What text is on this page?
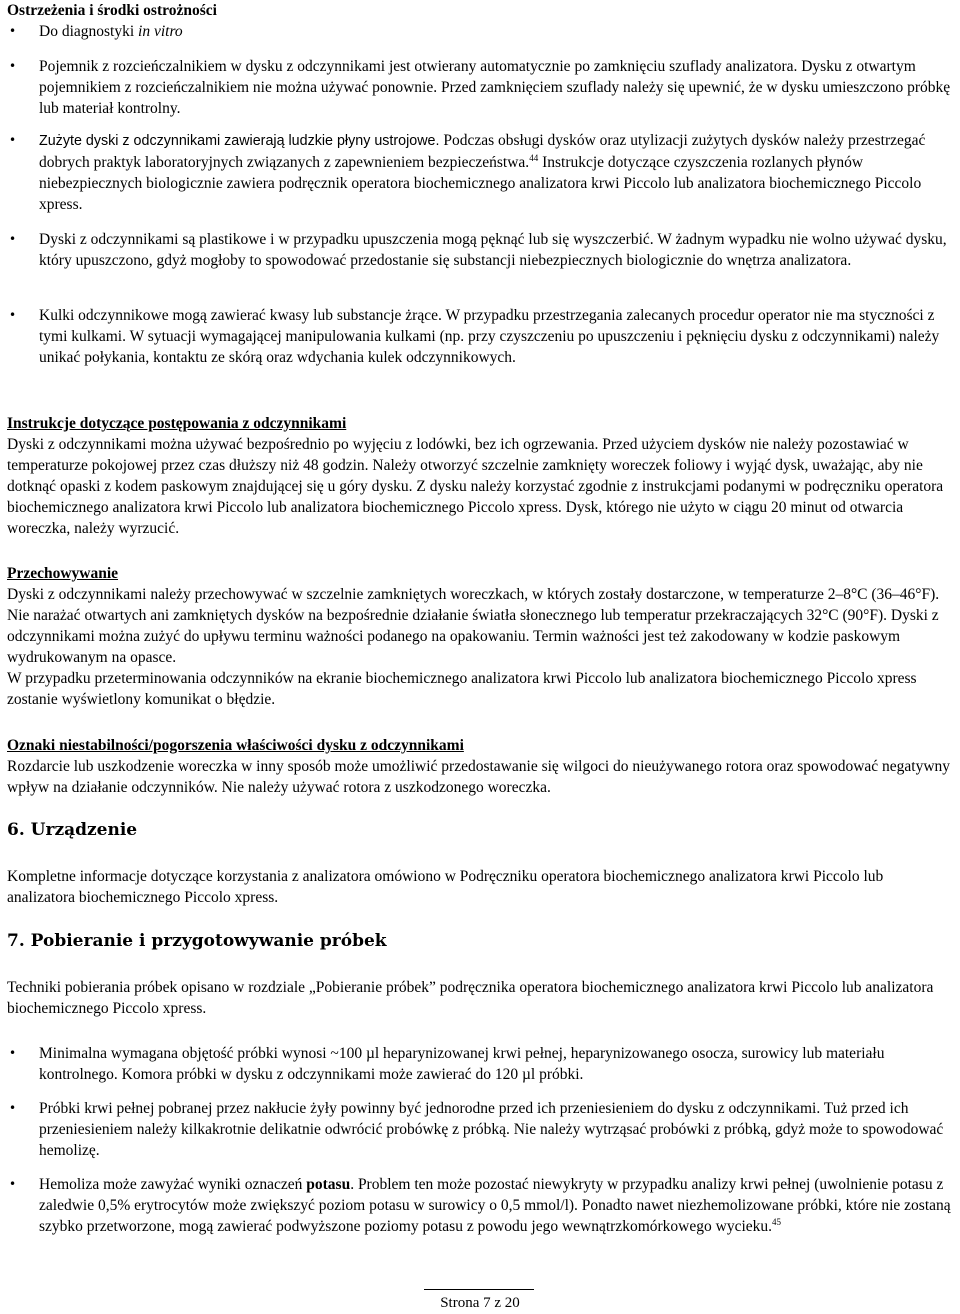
Ostrzeżenia i środki ostrożności

• Do diagnostyki in vitro
• Pojemnik z rozcieńczalnikiem w dysku z odczynnikami jest otwierany automatycznie po zamknięciu szuflady analizatora. Dysku z otwartym pojemnikiem z rozcieńczalnikiem nie można używać ponownie. Przed zamknięciem szuflady należy się upewnić, że w dysku umieszczono próbkę lub materiał kontrolny.
• Zużyte dyski z odczynnikami zawierają ludzkie płyny ustrojowe. Podczas obsługi dysków oraz utylizacji zużytych dysków należy przestrzegać dobrych praktyk laboratoryjnych związanych z zapewnieniem bezpieczeństwa.$^{44}$ Instrukcje dotyczące czyszczenia rozlanych płynów niebezpiecznych biologicznie zawiera podręcznik operatora biochemicznego analizatora krwi Piccolo lub analizatora biochemicznego Piccolo xpress.
• Dyski z odczynnikami są plastikowe i w przypadku upuszczenia mogą pęknąć lub się wyszczerbić. W żadnym wypadku nie wolno używać dysku, który upuszczono, gdyż mogłoby to spowodować przedostanie się substancji niebezpiecznych biologicznie do wnętrza analizatora.
• Kulki odczynnikowe mogą zawierać kwasy lub substancje żrące. W przypadku przestrzegania zalecanych procedur operator nie ma styczności z tymi kulkami. W sytuacji wymagającej manipulowania kulkami (np. przy czyszczeniu po upuszczeniu i pęknięciu dysku z odczynnikami) należy unikać połykania, kontaktu ze skórą oraz wdychania kulek odczynnikowych.

Instrukcje dotyczące postępowania z odczynnikami

Dyski z odczynnikami można używać bezpośrednio po wyjęciu z lodówki, bez ich ogrzewania. Przed użyciem dysków nie należy pozostawiać w temperaturze pokojowej przez czas dłuższy niż 48 godzin. Należy otworzyć szczelnie zamknięty woreczek foliowy i wyjąć dysk, uważając, aby nie dotknąć opaski z kodem paskowym znajdującej się u góry dysku. Z dysku należy korzystać zgodnie z instrukcjami podanymi w podręczniku operatora biochemicznego analizatora krwi Piccolo lub analizatora biochemicznego Piccolo xpress. Dysk, którego nie użyto w ciągu 20 minut od otwarcia woreczka, należy wyrzucić.

Przechowywanie

Dyski z odczynnikami należy przechowywać w szczelnie zamkniętych woreczkach, w których zostały dostarczone, w temperaturze 2–8°C (36–46°F). Nie narażać otwartych ani zamkniętych dysków na bezpośrednie działanie światła słonecznego lub temperatur przekraczających 32°C (90°F). Dyski z odczynnikami można zużyć do upływu terminu ważności podanego na opakowaniu. Termin ważności jest też zakodowany w kodzie paskowym wydrukowanym na opasce.

W przypadku przeterminowania odczynników na ekranie biochemicznego analizatora krwi Piccolo lub analizatora biochemicznego Piccolo xpress zostanie wyświetlony komunikat o błędzie.

Oznaki niestabilności/pogorszenia właściwości dysku z odczynnikami

Rozdarcie lub uszkodzenie woreczka w inny sposób może umożliwić przedostawanie się wilgoci do nieużywanego rotora oraz spowodować negatywny wpływ na działanie odczynników. Nie należy używać rotora z uszkodzonego woreczka.

6. Urządzenie

Kompletne informacje dotyczące korzystania z analizatora omówiono w Podręczniku operatora biochemicznego analizatora krwi Piccolo lub analizatora biochemicznego Piccolo xpress.

7. Pobieranie i przygotowywanie próbek

Techniki pobierania próbek opisano w rozdziale „Pobieranie próbek” podręcznika operatora biochemicznego analizatora krwi Piccolo lub analizatora biochemicznego Piccolo xpress.

• Minimalna wymagana objętość próbki wynosi ~100 µl heparynizowanej krwi pełnej, heparynizowanego osocza, surowicy lub materiału kontrolnego. Komora próbki w dysku z odczynnikami może zawierać do 120 µl próbki.
• Próbki krwi pełnej pobranej przez nakłucie żyły powinny być jednorodne przed ich przeniesieniem do dysku z odczynnikami. Tuż przed ich przeniesieniem należy kilkakrotnie delikatnie odwrócić probówkę z próbką. Nie należy wytrząsać probówki z próbką, gdyż może to spowodować hemolizę.
• Hemoliza może zawyżać wyniki oznaczeń potasu. Problem ten może pozostać niewykryty w przypadku analizy krwi pełnej (uwolnienie potasu z zaledwie 0,5% erytrocytów może zwiększyć poziom potasu w surowicy o 0,5 mmol/l). Ponadto nawet niezhemolizowane próbki, które nie zostaną szybko przetworzone, mogą zawierać podwyższone poziomy potasu z powodu jego wewnątrzkomórkowego wycieku.$^{45}$
Strona 7 z 20
